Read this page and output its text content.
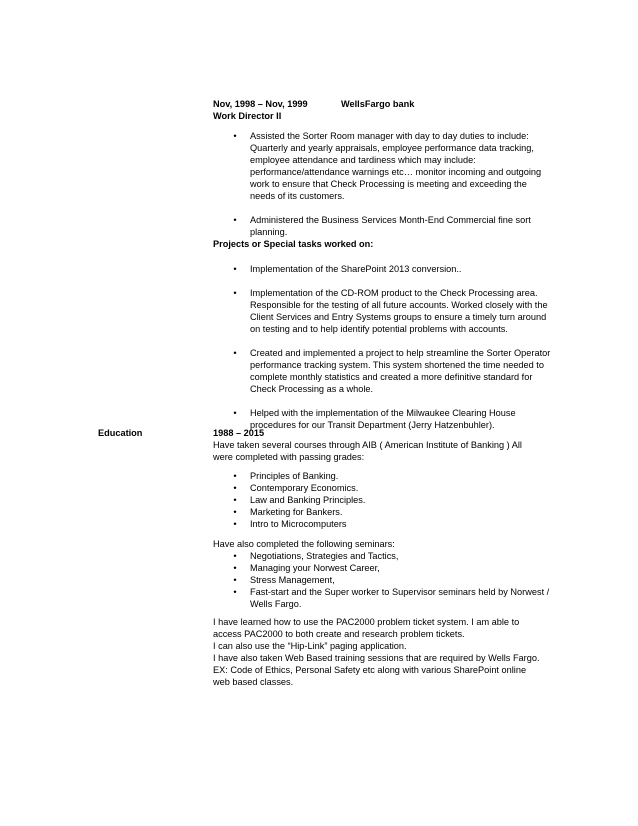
Nov, 1998 – Nov, 1999	WellsFargo bank
Work Director II
• Assisted the Sorter Room manager with day to day duties to include: Quarterly and yearly appraisals, employee performance data tracking, employee attendance and tardiness which may include: performance/attendance warnings etc… monitor incoming and outgoing work to ensure that Check Processing is meeting and exceeding the needs of its customers.
• Administered the Business Services Month-End Commercial fine sort planning.
Projects or Special tasks worked on:
• Implementation of the SharePoint 2013 conversion..
• Implementation of the CD-ROM product to the Check Processing area. Responsible for the testing of all future accounts. Worked closely with the Client Services and Entry Systems groups to ensure a timely turn around on testing and to help identify potential problems with accounts.
• Created and implemented a project to help streamline the Sorter Operator performance tracking system. This system shortened the time needed to complete monthly statistics and created a more definitive standard for Check Processing as a whole.
• Helped with the implementation of the Milwaukee Clearing House procedures for our Transit Department (Jerry Hatzenbuhler).
Education	1988 – 2015
Have taken several courses through AIB ( American Institute of Banking ) All were completed with passing grades:
• Principles of Banking.
• Contemporary Economics.
• Law and Banking Principles.
• Marketing for Bankers.
• Intro to Microcomputers
Have also completed the following seminars:
• Negotiations, Strategies and Tactics,
• Managing your Norwest Career,
• Stress Management,
• Fast-start and the Super worker to Supervisor seminars held by Norwest / Wells Fargo.
I have learned how to use the PAC2000 problem ticket system. I am able to access PAC2000 to both create and research problem tickets.
I can also use the “Hip-Link” paging application.
I have also taken Web Based training sessions that are required by Wells Fargo.
EX: Code of Ethics, Personal Safety etc along with various SharePoint online web based classes.
